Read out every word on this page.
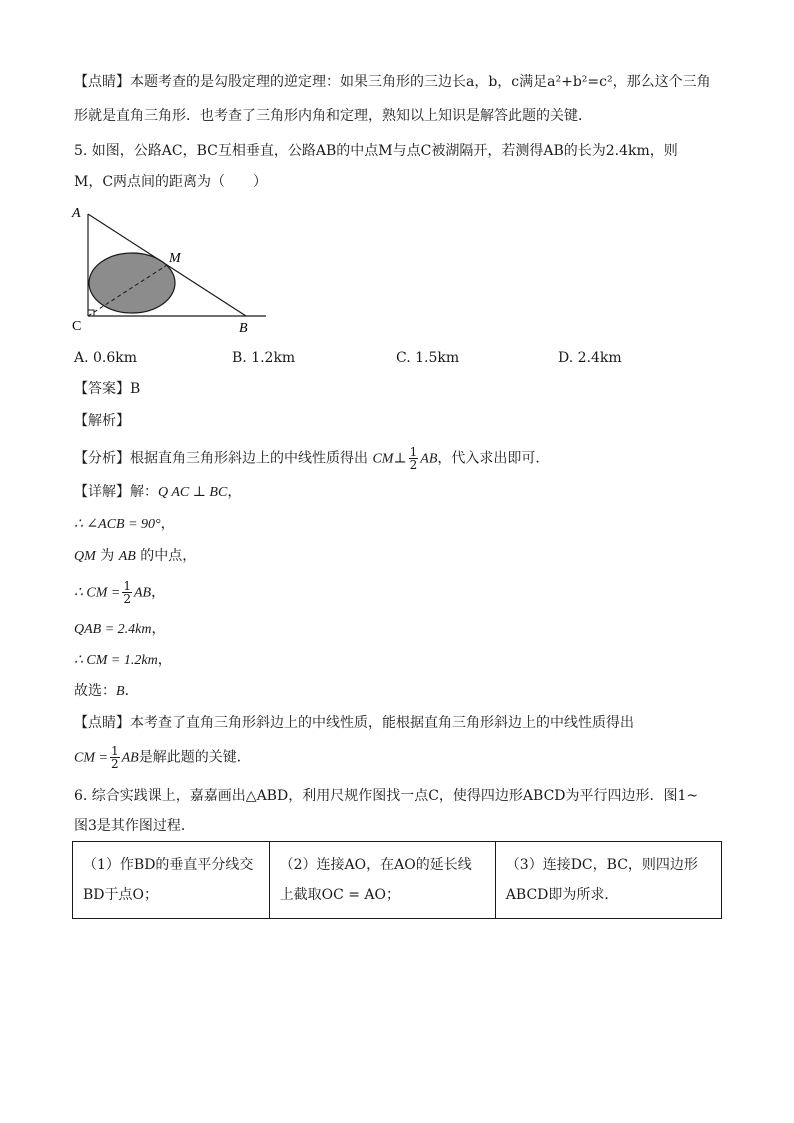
【点睛】本题考查的是勾股定理的逆定理：如果三角形的三边长a，b，c满足a²+b²=c²，那么这个三角
形就是直角三角形．也考查了三角形内角和定理，熟知以上知识是解答此题的关键．
5. 如图，公路AC，BC互相垂直，公路AB的中点M与点C被湖隔开，若测得AB的长为2.4km，则
M，C两点间的距离为（　　）
A
M
C	B
A. 0.6km	B. 1.2km	C. 1.5km	D. 2.4km
【答案】B
【解析】
【分析】根据直角三角形斜边上的中线性质得出 CM⊥ $\frac{1}{2}$ AB，代入求出即可．
【详解】解：Q AC ⊥ BC，
∴ ∠ACB = 90°，
QM 为 AB 的中点，
∴ CM = $\frac{1}{2}$ AB，
QAB = 2.4km，
∴ CM = 1.2km，
故选：B．
【点睛】本考查了直角三角形斜边上的中线性质，能根据直角三角形斜边上的中线性质得出
CM = $\frac{1}{2}$ AB是解此题的关键．
6. 综合实践课上，嘉嘉画出△ABD，利用尺规作图找一点C，使得四边形ABCD为平行四边形．图1~
图3是其作图过程．
（1）作BD的垂直平分线交
BD于点O；

（2）连接AO，在AO的延长线
上截取OC = AO；

（3）连接DC，BC，则四边形
ABCD即为所求．
